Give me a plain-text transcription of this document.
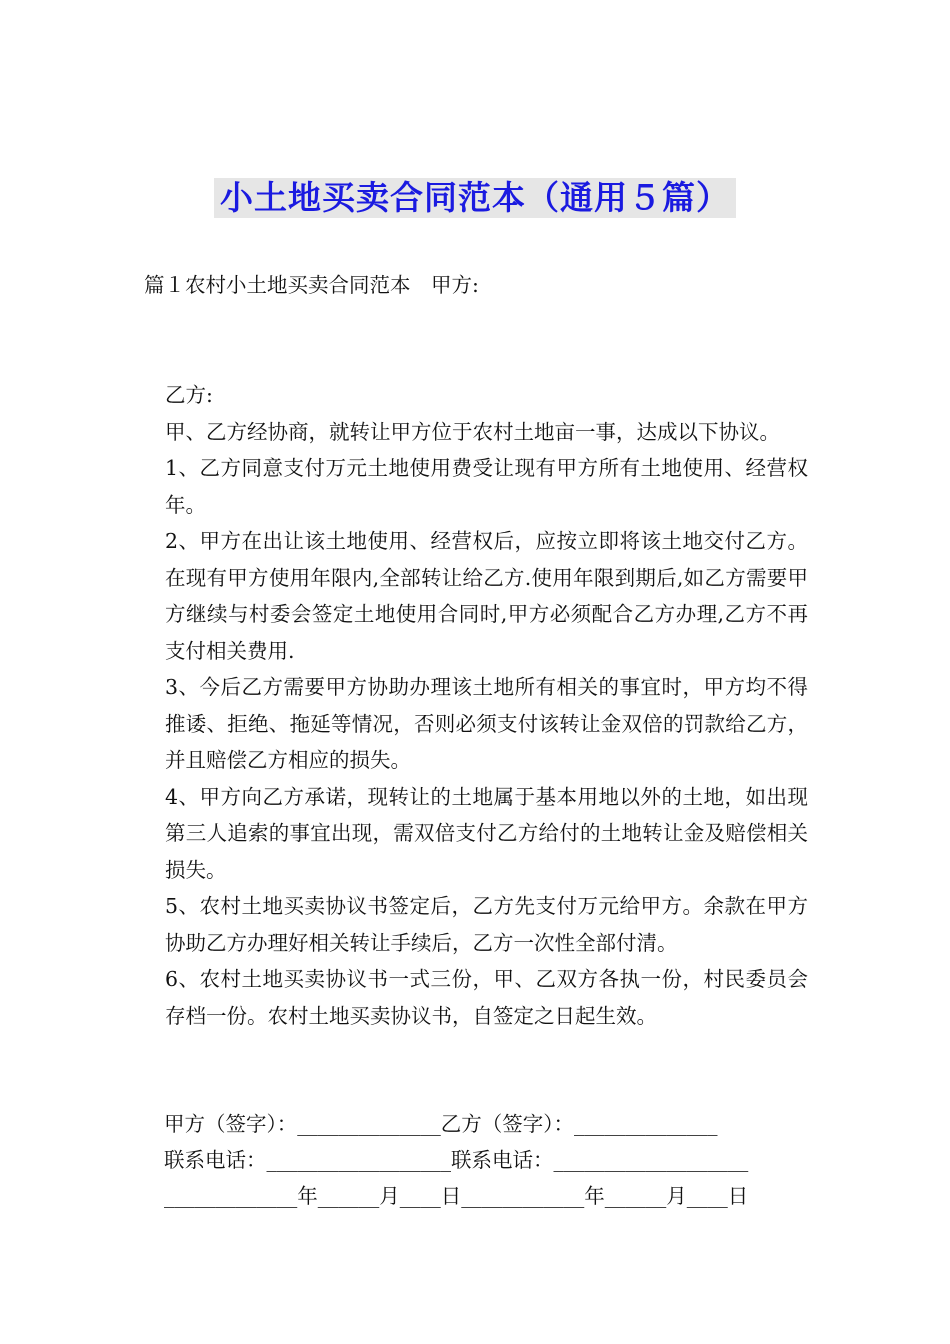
小土地买卖合同范本（通用５篇）
篇１农村小土地买卖合同范本　甲方:

乙方:

甲、乙方经协商，就转让甲方位于农村土地亩一事，达成以下协议。

1、乙方同意支付万元土地使用费受让现有甲方所有土地使用、经营权年。

2、甲方在出让该土地使用、经营权后，应按立即将该土地交付乙方。在现有甲方使用年限内,全部转让给乙方.使用年限到期后,如乙方需要甲方继续与村委会签定土地使用合同时,甲方必须配合乙方办理,乙方不再支付相关费用.

3、今后乙方需要甲方协助办理该土地所有相关的事宜时，甲方均不得推诿、拒绝、拖延等情况，否则必须支付该转让金双倍的罚款给乙方，并且赔偿乙方相应的损失。

4、甲方向乙方承诺，现转让的土地属于基本用地以外的土地，如出现第三人追索的事宜出现，需双倍支付乙方给付的土地转让金及赔偿相关损失。

5、农村土地买卖协议书签定后，乙方先支付万元给甲方。余款在甲方协助乙方办理好相关转让手续后，乙方一次性全部付清。

6、农村土地买卖协议书一式三份，甲、乙双方各执一份，村民委员会存档一份。农村土地买卖协议书，自签定之日起生效。

甲方（签字）：______________乙方（签字）：______________
联系电话：__________________联系电话：___________________
_____________年______月____日____________年______月____日
